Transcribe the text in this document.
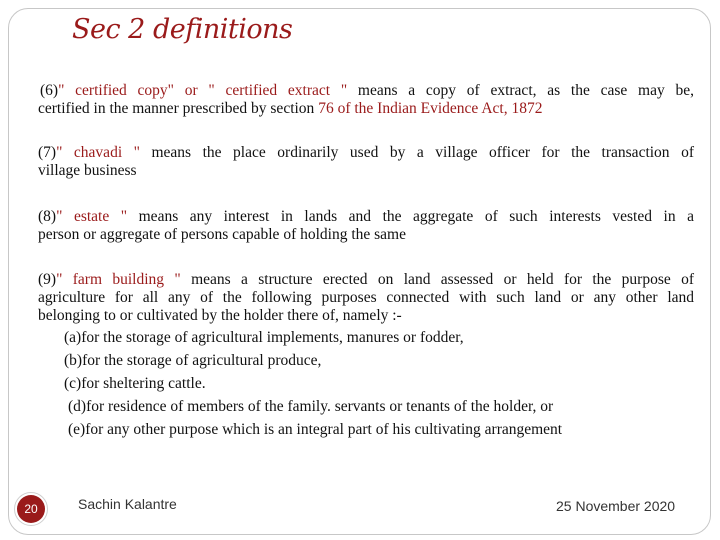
Sec 2 definitions
(6)" certified copy" or " certified extract " means a copy of extract, as the case may be,
certified in the manner prescribed by section 76 of the Indian Evidence Act, 1872
(7)" chavadi " means the place ordinarily used by a village officer for the transaction of
village business
(8)" estate " means any interest in lands and the aggregate of such interests vested in a
person or aggregate of persons capable of holding the same
(9)" farm building " means a structure erected on land assessed or held for the purpose of
agriculture for all any of the following purposes connected with such land or any other land
belonging to or cultivated by the holder there of, namely :-
(a)for the storage of agricultural implements, manures or fodder,
(b)for the storage of agricultural produce,
(c)for sheltering cattle.
(d)for residence of members of the family. servants or tenants of the holder, or
(e)for any other purpose which is an integral part of his cultivating arrangement
20	Sachin Kalantre	25 November 2020
